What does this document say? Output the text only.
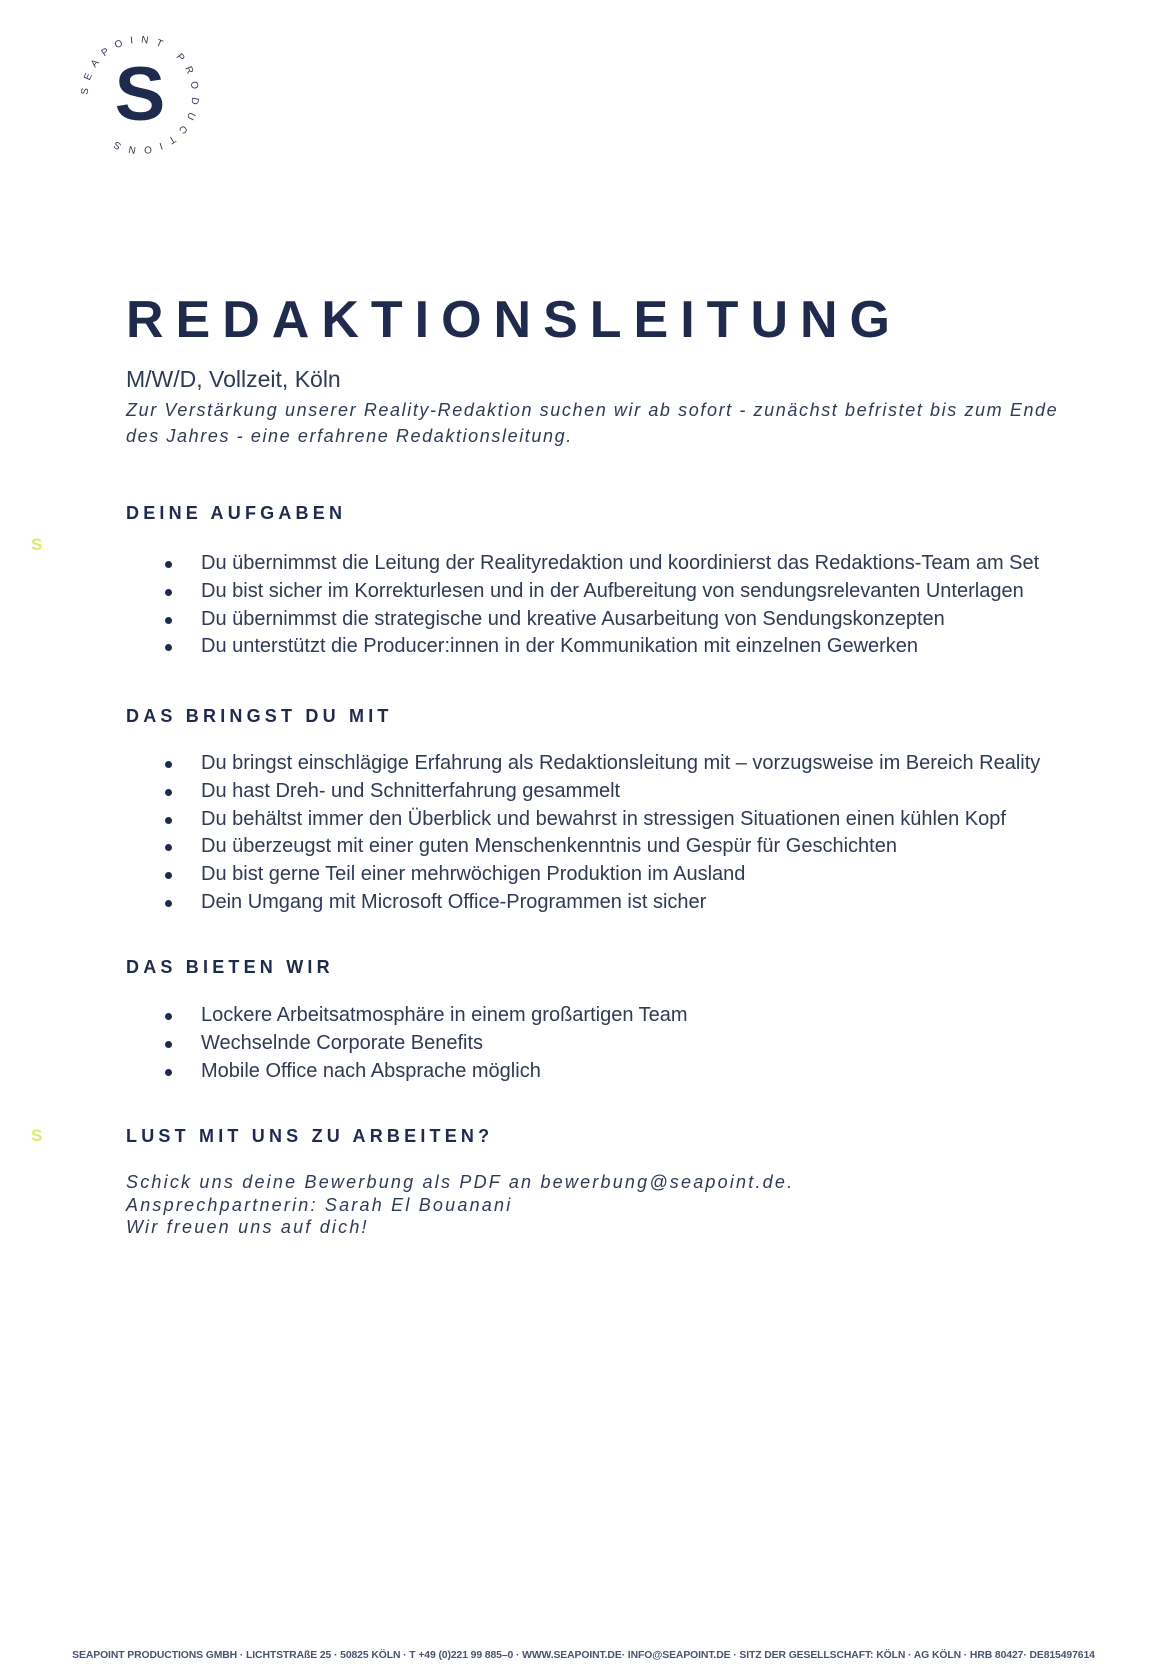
SEAPOINT PRODUCTIONS
S
S
S
REDAKTIONSLEITUNG
M/W/D, Vollzeit, Köln
Zur Verstärkung unserer Reality-Redaktion suchen wir ab sofort - zunächst befristet bis zum Ende des Jahres - eine erfahrene Redaktionsleitung.
DEINE AUFGABEN
Du übernimmst die Leitung der Realityredaktion und koordinierst das Redaktions-Team am Set
Du bist sicher im Korrekturlesen und in der Aufbereitung von sendungsrelevanten Unterlagen
Du übernimmst die strategische und kreative Ausarbeitung von Sendungskonzepten
Du unterstützt die Producer:innen in der Kommunikation mit einzelnen Gewerken
DAS BRINGST DU MIT
Du bringst einschlägige Erfahrung als Redaktionsleitung mit – vorzugsweise im Bereich Reality
Du hast Dreh- und Schnitterfahrung gesammelt
Du behältst immer den Überblick und bewahrst in stressigen Situationen einen kühlen Kopf
Du überzeugst mit einer guten Menschenkenntnis und Gespür für Geschichten
Du bist gerne Teil einer mehrwöchigen Produktion im Ausland
Dein Umgang mit Microsoft Office-Programmen ist sicher
DAS BIETEN WIR
Lockere Arbeitsatmosphäre in einem großartigen Team
Wechselnde Corporate Benefits
Mobile Office nach Absprache möglich
LUST MIT UNS ZU ARBEITEN?
Schick uns deine Bewerbung als PDF an bewerbung@seapoint.de.
Ansprechpartnerin: Sarah El Bouanani
Wir freuen uns auf dich!
SEAPOINT PRODUCTIONS GMBH · LICHTSTRAßE 25 · 50825 KÖLN · T +49 (0)221 99 885–0 · WWW.SEAPOINT.DE· INFO@SEAPOINT.DE · SITZ DER GESELLSCHAFT: KÖLN · AG KÖLN · HRB 80427· DE815497614
